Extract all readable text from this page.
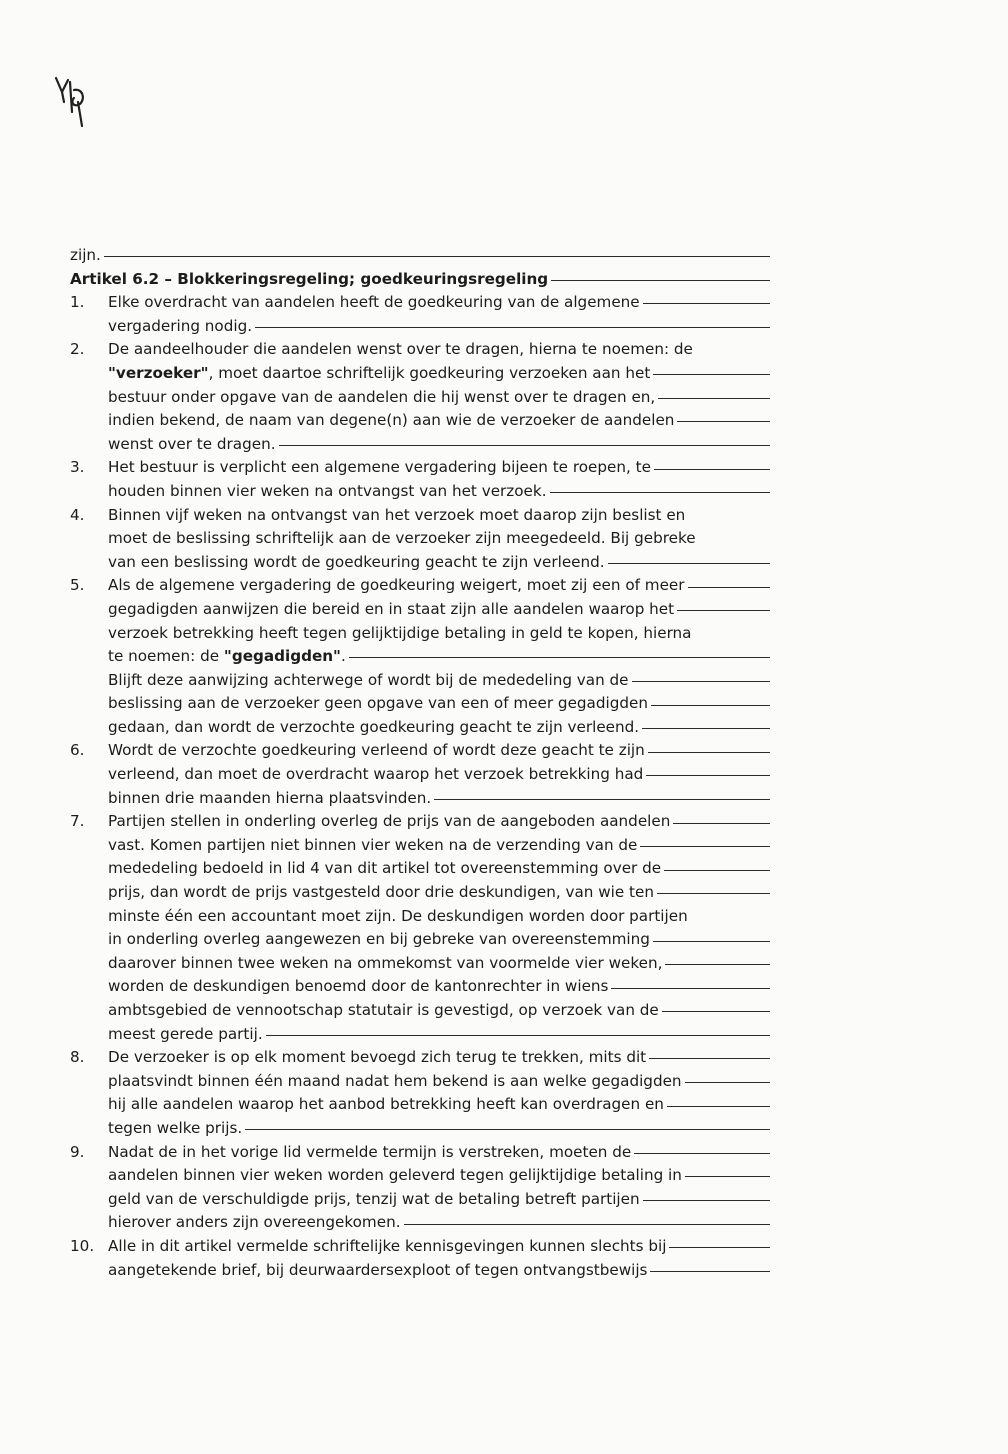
zijn.
Artikel 6.2 – Blokkeringsregeling; goedkeuringsregeling
1.	Elke overdracht van aandelen heeft de goedkeuring van de algemene
vergadering nodig.
2.	De aandeelhouder die aandelen wenst over te dragen, hierna te noemen: de
"verzoeker", moet daartoe schriftelijk goedkeuring verzoeken aan het
bestuur onder opgave van de aandelen die hij wenst over te dragen en,
indien bekend, de naam van degene(n) aan wie de verzoeker de aandelen
wenst over te dragen.
3.	Het bestuur is verplicht een algemene vergadering bijeen te roepen, te
houden binnen vier weken na ontvangst van het verzoek.
4.	Binnen vijf weken na ontvangst van het verzoek moet daarop zijn beslist en
moet de beslissing schriftelijk aan de verzoeker zijn meegedeeld. Bij gebreke
van een beslissing wordt de goedkeuring geacht te zijn verleend.
5.	Als de algemene vergadering de goedkeuring weigert, moet zij een of meer
gegadigden aanwijzen die bereid en in staat zijn alle aandelen waarop het
verzoek betrekking heeft tegen gelijktijdige betaling in geld te kopen, hierna
te noemen: de "gegadigden".
Blijft deze aanwijzing achterwege of wordt bij de mededeling van de
beslissing aan de verzoeker geen opgave van een of meer gegadigden
gedaan, dan wordt de verzochte goedkeuring geacht te zijn verleend.
6.	Wordt de verzochte goedkeuring verleend of wordt deze geacht te zijn
verleend, dan moet de overdracht waarop het verzoek betrekking had
binnen drie maanden hierna plaatsvinden.
7.	Partijen stellen in onderling overleg de prijs van de aangeboden aandelen
vast. Komen partijen niet binnen vier weken na de verzending van de
mededeling bedoeld in lid 4 van dit artikel tot overeenstemming over de
prijs, dan wordt de prijs vastgesteld door drie deskundigen, van wie ten
minste één een accountant moet zijn. De deskundigen worden door partijen
in onderling overleg aangewezen en bij gebreke van overeenstemming
daarover binnen twee weken na ommekomst van voormelde vier weken,
worden de deskundigen benoemd door de kantonrechter in wiens
ambtsgebied de vennootschap statutair is gevestigd, op verzoek van de
meest gerede partij.
8.	De verzoeker is op elk moment bevoegd zich terug te trekken, mits dit
plaatsvindt binnen één maand nadat hem bekend is aan welke gegadigden
hij alle aandelen waarop het aanbod betrekking heeft kan overdragen en
tegen welke prijs.
9.	Nadat de in het vorige lid vermelde termijn is verstreken, moeten de
aandelen binnen vier weken worden geleverd tegen gelijktijdige betaling in
geld van de verschuldigde prijs, tenzij wat de betaling betreft partijen
hierover anders zijn overeengekomen.
10. Alle in dit artikel vermelde schriftelijke kennisgevingen kunnen slechts bij
aangetekende brief, bij deurwaardersexploot of tegen ontvangstbewijs
